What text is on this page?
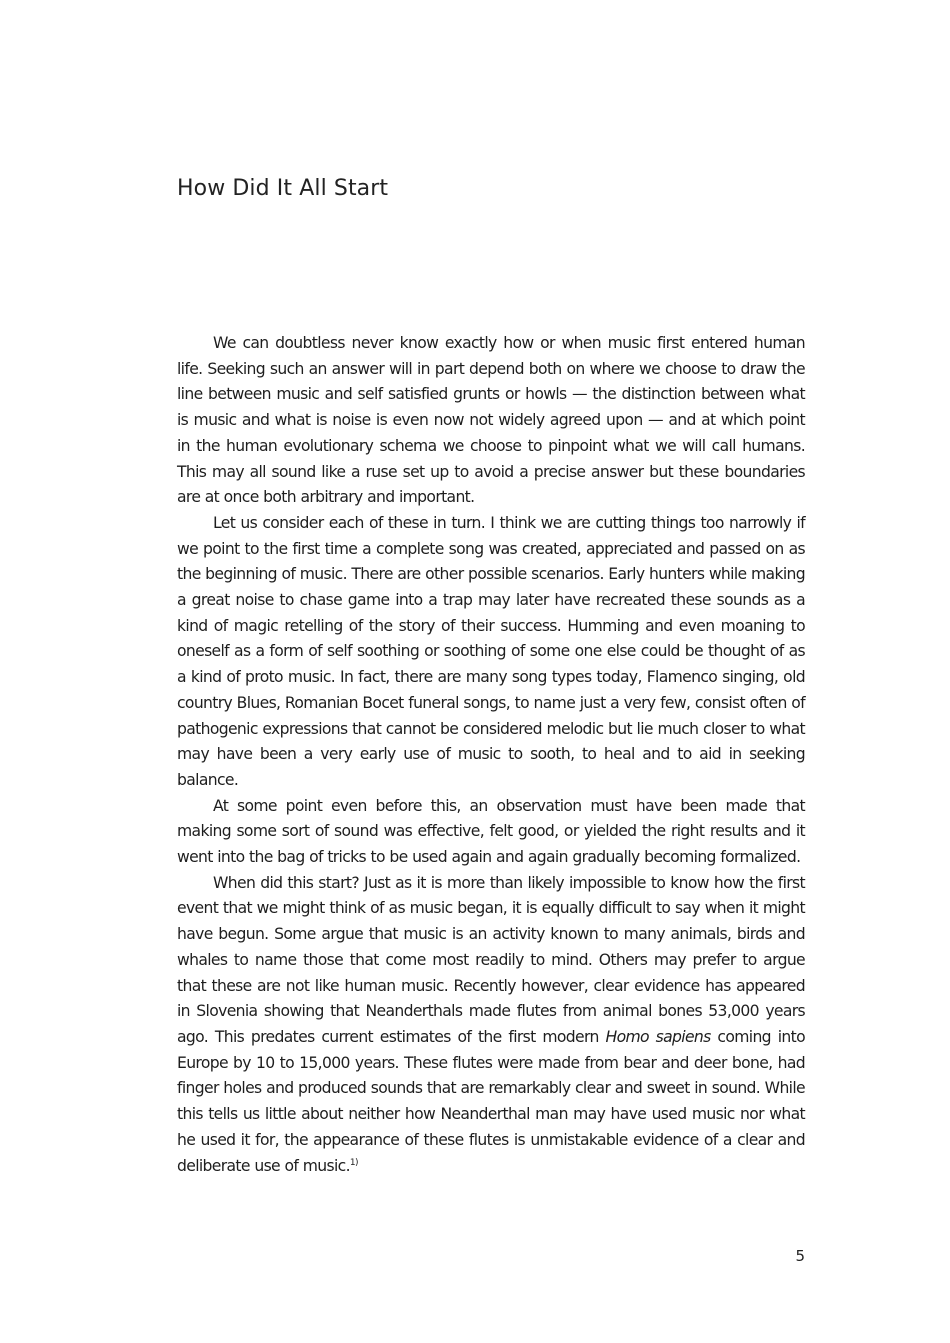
How Did It All Start

We can doubtless never know exactly how or when music first entered human life. Seeking such an answer will in part depend both on where we choose to draw the line between music and self satisfied grunts or howls — the distinction between what is music and what is noise is even now not widely agreed upon — and at which point in the human evolutionary schema we choose to pinpoint what we will call humans. This may all sound like a ruse set up to avoid a precise answer but these boundaries are at once both arbitrary and important.

Let us consider each of these in turn. I think we are cutting things too narrowly if we point to the first time a complete song was created, appreciated and passed on as the beginning of music. There are other possible scenarios. Early hunters while making a great noise to chase game into a trap may later have recreated these sounds as a kind of magic retelling of the story of their success. Humming and even moaning to oneself as a form of self soothing or soothing of some one else could be thought of as a kind of proto music. In fact, there are many song types today, Flamenco singing, old country Blues, Romanian Bocet funeral songs, to name just a very few, consist often of pathogenic expressions that cannot be considered melodic but lie much closer to what may have been a very early use of music to sooth, to heal and to aid in seeking balance.

At some point even before this, an observation must have been made that making some sort of sound was effective, felt good, or yielded the right results and it went into the bag of tricks to be used again and again gradually becoming formalized.

When did this start? Just as it is more than likely impossible to know how the first event that we might think of as music began, it is equally difficult to say when it might have begun. Some argue that music is an activity known to many animals, birds and whales to name those that come most readily to mind. Others may prefer to argue that these are not like human music. Recently however, clear evidence has appeared in Slovenia showing that Neanderthals made flutes from animal bones 53,000 years ago. This predates current estimates of the first modern Homo sapiens coming into Europe by 10 to 15,000 years. These flutes were made from bear and deer bone, had finger holes and produced sounds that are remarkably clear and sweet in sound. While this tells us little about neither how Neanderthal man may have used music nor what he used it for, the appearance of these flutes is unmistakable evidence of a clear and deliberate use of music.$^{1)}$

5
